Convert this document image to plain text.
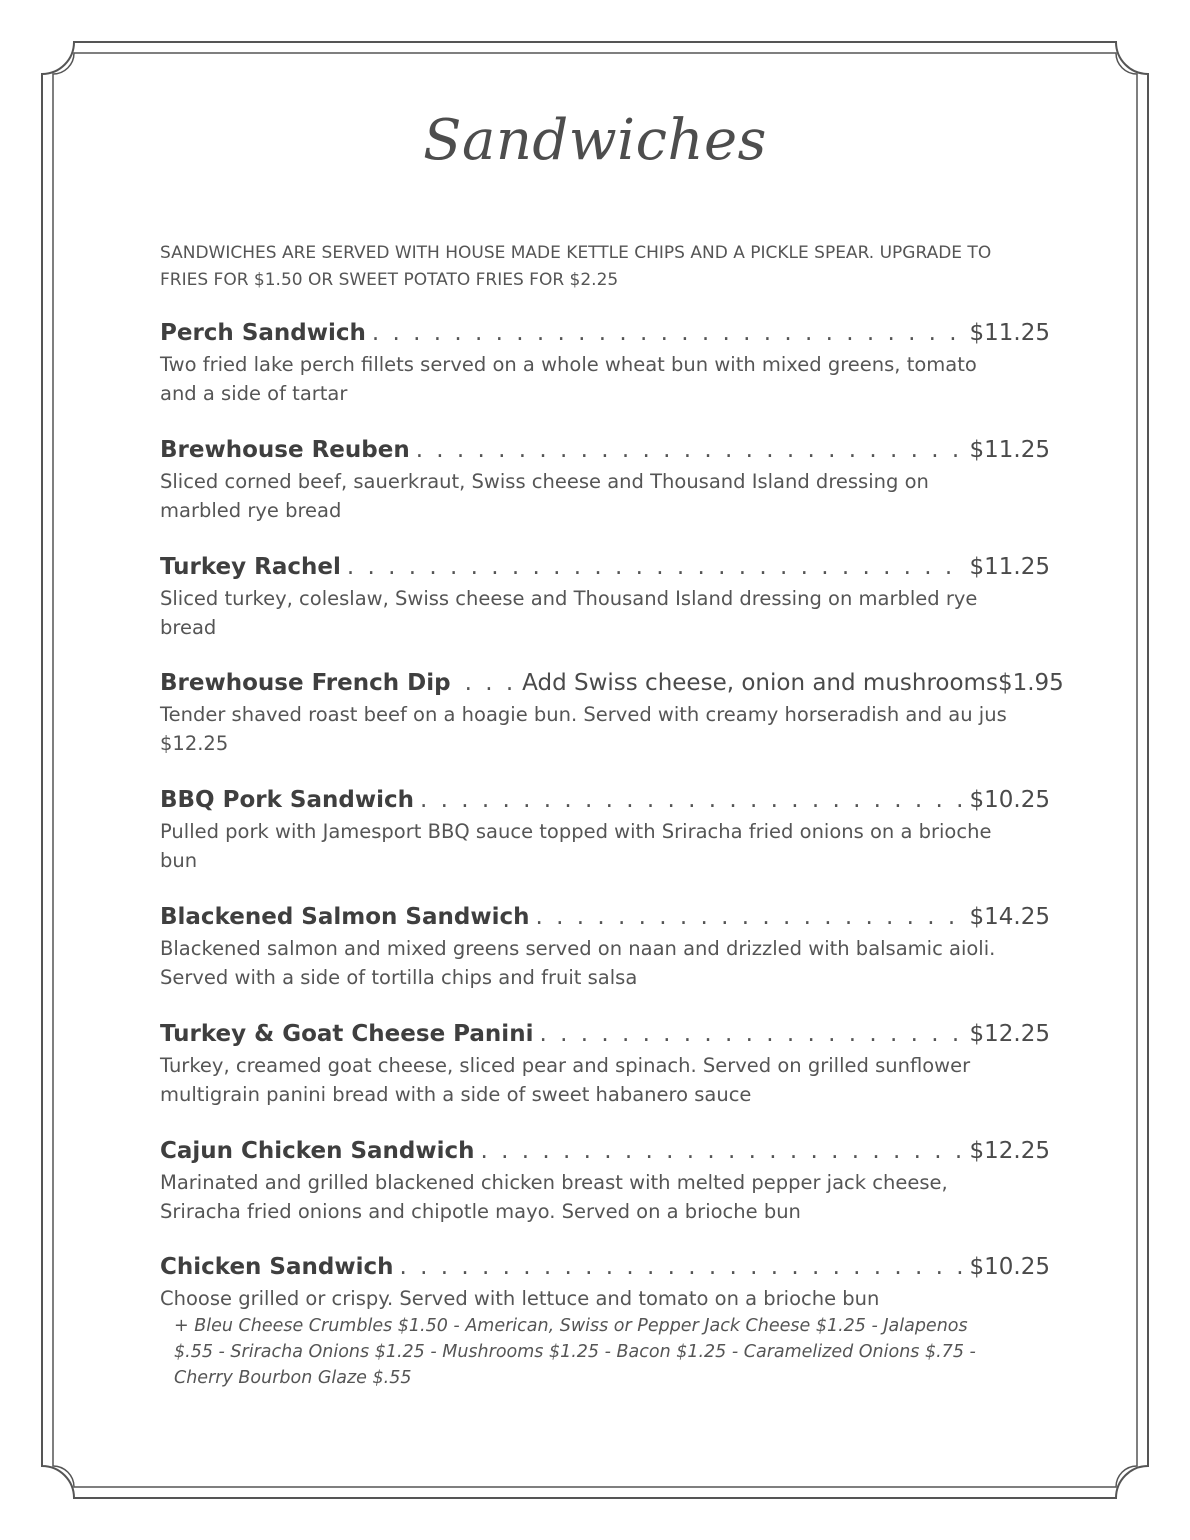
Sandwiches
SANDWICHES ARE SERVED WITH HOUSE MADE KETTLE CHIPS AND A PICKLE SPEAR. UPGRADE TO FRIES FOR $1.50 OR SWEET POTATO FRIES FOR $2.25
Perch Sandwich . . .	$11.25
Two fried lake perch fillets served on a whole wheat bun with mixed greens, tomato and a side of tartar
Brewhouse Reuben . . .	$11.25
Sliced corned beef, sauerkraut, Swiss cheese and Thousand Island dressing on marbled rye bread
Turkey Rachel . . .	$11.25
Sliced turkey, coleslaw, Swiss cheese and Thousand Island dressing on marbled rye bread
Brewhouse French Dip . . .	Add Swiss cheese, onion and mushrooms $1.95
Tender shaved roast beef on a hoagie bun. Served with creamy horseradish and au jus $12.25
BBQ Pork Sandwich . . .	$10.25
Pulled pork with Jamesport BBQ sauce topped with Sriracha fried onions on a brioche bun
Blackened Salmon Sandwich . . .	$14.25
Blackened salmon and mixed greens served on naan and drizzled with balsamic aioli. Served with a side of tortilla chips and fruit salsa
Turkey & Goat Cheese Panini . . .	$12.25
Turkey, creamed goat cheese, sliced pear and spinach. Served on grilled sunflower multigrain panini bread with a side of sweet habanero sauce
Cajun Chicken Sandwich . . .	$12.25
Marinated and grilled blackened chicken breast with melted pepper jack cheese, Sriracha fried onions and chipotle mayo. Served on a brioche bun
Chicken Sandwich . . .	$10.25
Choose grilled or crispy. Served with lettuce and tomato on a brioche bun
+ Bleu Cheese Crumbles $1.50 - American, Swiss or Pepper Jack Cheese $1.25 - Jalapenos $.55 - Sriracha Onions $1.25 - Mushrooms $1.25 - Bacon $1.25 - Caramelized Onions $.75 - Cherry Bourbon Glaze $.55
